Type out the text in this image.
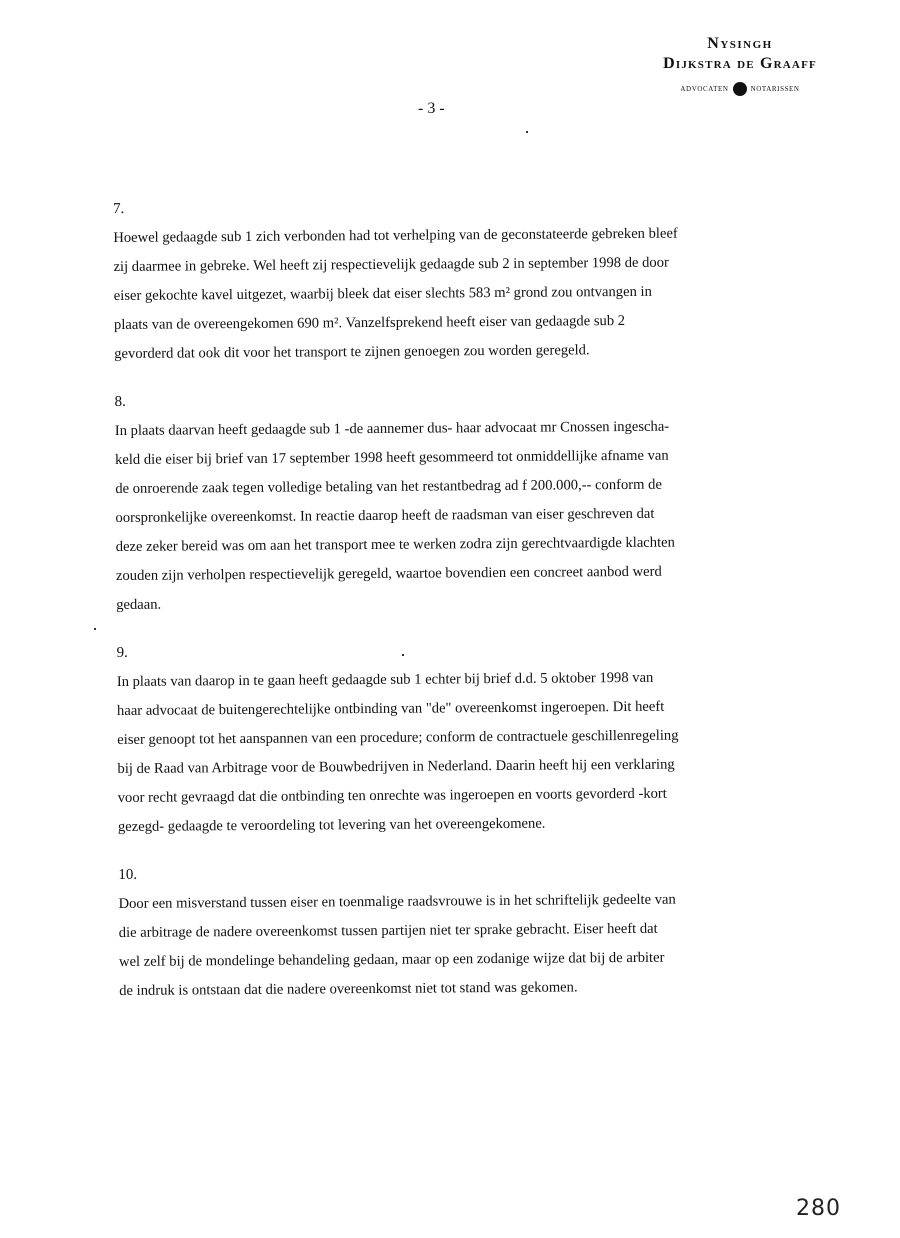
Nysingh
Dijkstra de Graaff
ADVOCATEN	NOTARISSEN
- 3 -
7.
Hoewel gedaagde sub 1 zich verbonden had tot verhelping van de geconstateerde gebreken bleef
zij daarmee in gebreke. Wel heeft zij respectievelijk gedaagde sub 2 in september 1998 de door
eiser gekochte kavel uitgezet, waarbij bleek dat eiser slechts 583 m² grond zou ontvangen in
plaats van de overeengekomen 690 m². Vanzelfsprekend heeft eiser van gedaagde sub 2
gevorderd dat ook dit voor het transport te zijnen genoegen zou worden geregeld.
8.
In plaats daarvan heeft gedaagde sub 1 -de aannemer dus- haar advocaat mr Cnossen ingescha-
keld die eiser bij brief van 17 september 1998 heeft gesommeerd tot onmiddellijke afname van
de onroerende zaak tegen volledige betaling van het restantbedrag ad f 200.000,-- conform de
oorspronkelijke overeenkomst. In reactie daarop heeft de raadsman van eiser geschreven dat
deze zeker bereid was om aan het transport mee te werken zodra zijn gerechtvaardigde klachten
zouden zijn verholpen respectievelijk geregeld, waartoe bovendien een concreet aanbod werd
gedaan.
9.
In plaats van daarop in te gaan heeft gedaagde sub 1 echter bij brief d.d. 5 oktober 1998 van
haar advocaat de buitengerechtelijke ontbinding van "de" overeenkomst ingeroepen. Dit heeft
eiser genoopt tot het aanspannen van een procedure; conform de contractuele geschillenregeling
bij de Raad van Arbitrage voor de Bouwbedrijven in Nederland. Daarin heeft hij een verklaring
voor recht gevraagd dat die ontbinding ten onrechte was ingeroepen en voorts gevorderd -kort
gezegd- gedaagde te veroordeling tot levering van het overeengekomene.
10.
Door een misverstand tussen eiser en toenmalige raadsvrouwe is in het schriftelijk gedeelte van
die arbitrage de nadere overeenkomst tussen partijen niet ter sprake gebracht. Eiser heeft dat
wel zelf bij de mondelinge behandeling gedaan, maar op een zodanige wijze dat bij de arbiter
de indruk is ontstaan dat die nadere overeenkomst niet tot stand was gekomen.
280
